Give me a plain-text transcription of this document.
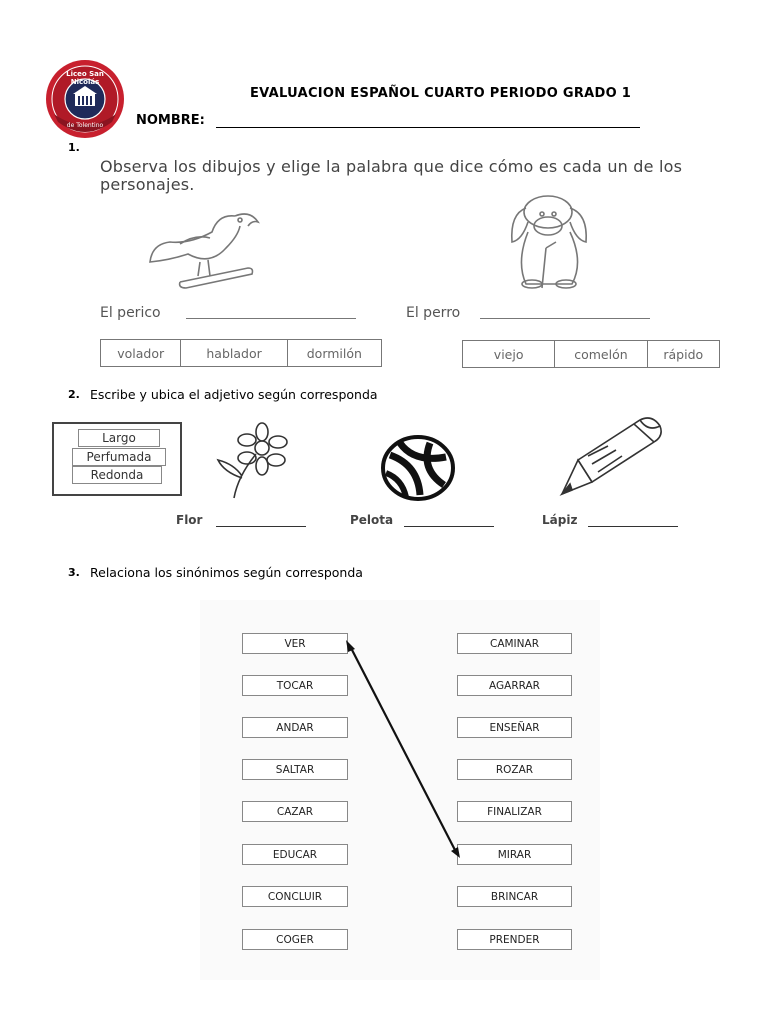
Liceo San Nicolás
de Tolentino
EVALUACION ESPAÑOL CUARTO PERIODO GRADO 1
NOMBRE:
1.
Observa los dibujos y elige la palabra que dice cómo es cada un de los personajes.
El perico	El perro
volador	hablador	dormilón	viejo	comelón	rápido
2. Escribe y ubica el adjetivo según corresponda
Largo
Perfumada
Redonda
Flor	Pelota	Lápiz
3. Relaciona los sinónimos según corresponda
VER
TOCAR
ANDAR
SALTAR
CAZAR
EDUCAR
CONCLUIR
COGER
CAMINAR
AGARRAR
ENSEÑAR
ROZAR
FINALIZAR
MIRAR
BRINCAR
PRENDER
